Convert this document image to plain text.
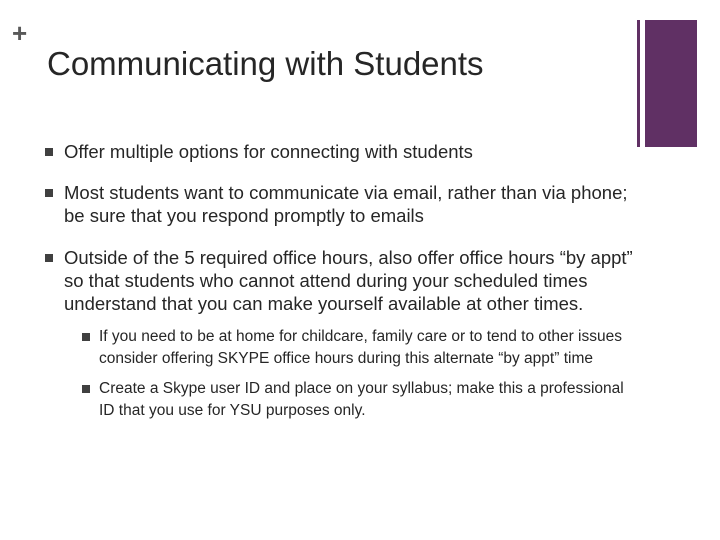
+
Communicating with Students
Offer multiple options for connecting with students
Most students want to communicate via email, rather than via phone; be sure that you respond promptly to emails
Outside of the 5 required office hours, also offer office hours “by appt” so that students who cannot attend during your scheduled times understand that you can make yourself available at other times.
If you need to be at home for childcare, family care or to tend to other issues consider offering SKYPE office hours during this alternate “by appt” time
Create a Skype user ID and place on your syllabus; make this a professional ID that you use for YSU purposes only.
